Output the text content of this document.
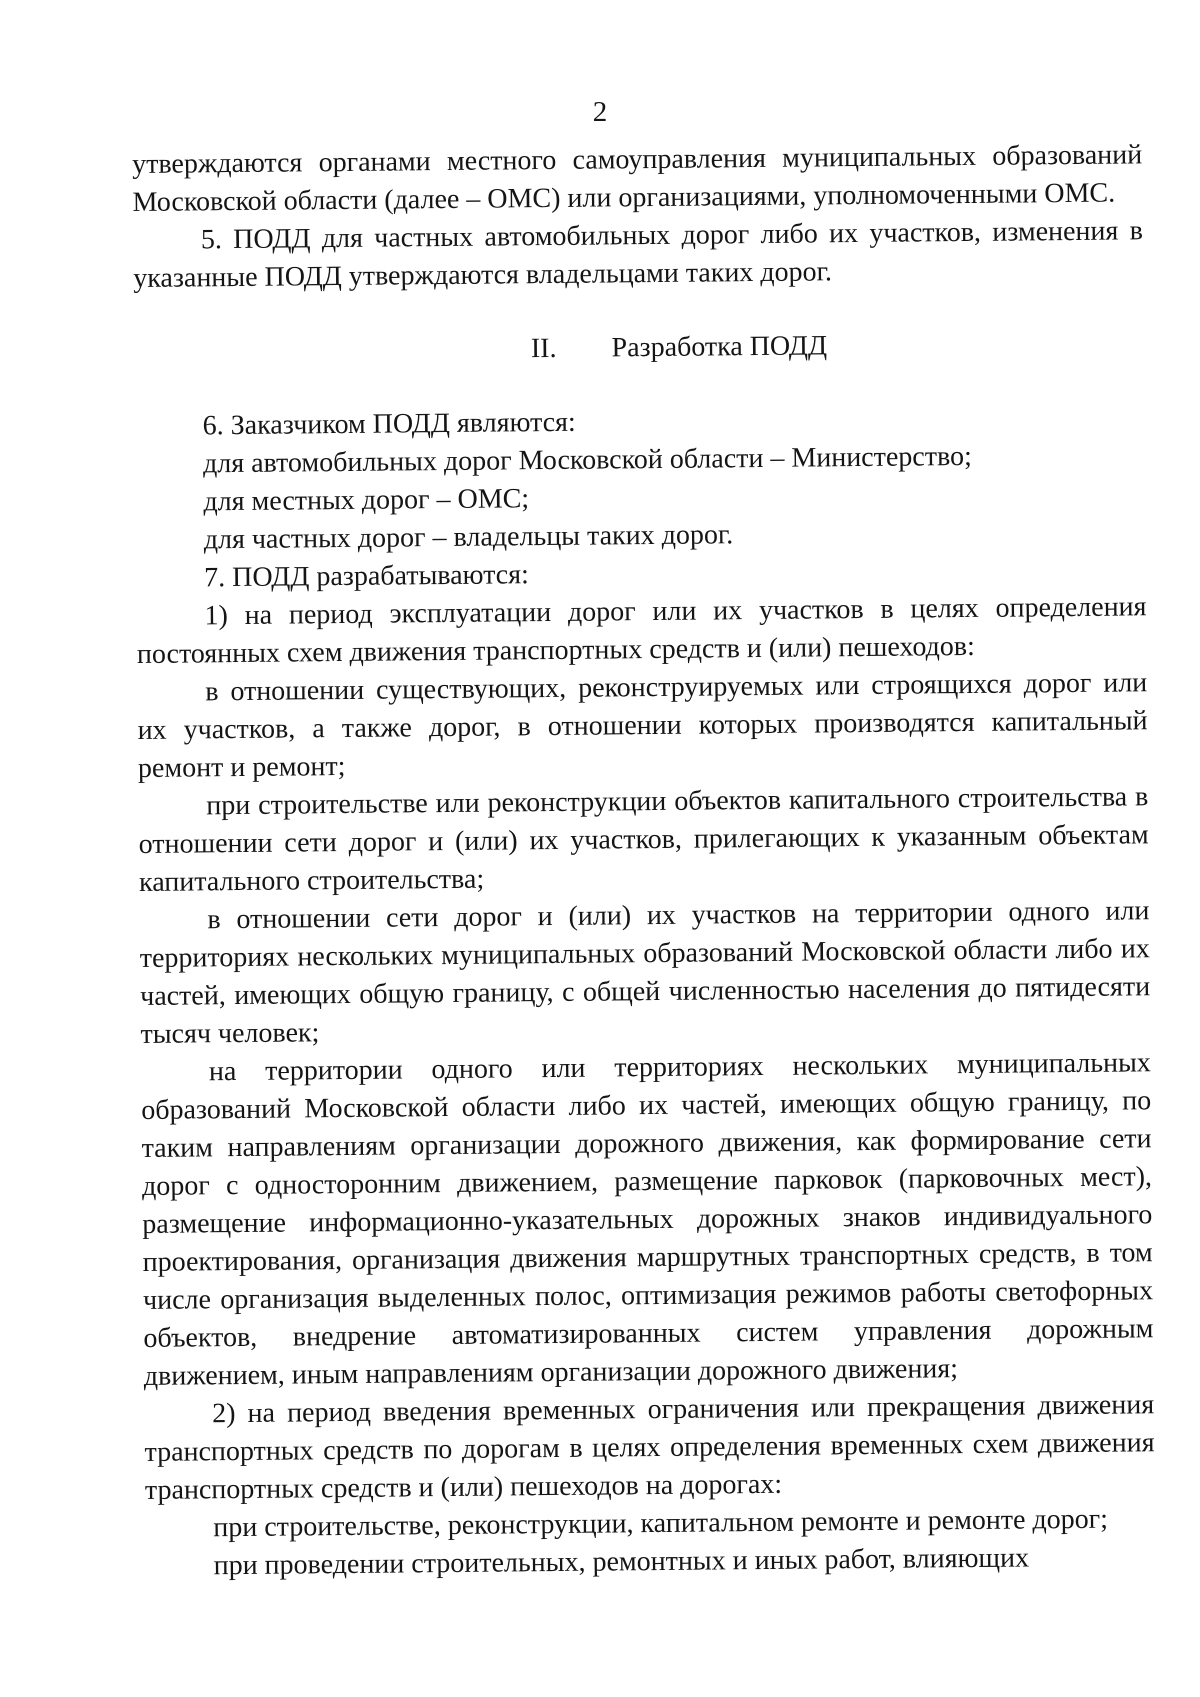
2

утверждаются органами местного самоуправления муниципальных образований Московской области (далее – ОМС) или организациями, уполномоченными ОМС.

5. ПОДД для частных автомобильных дорог либо их участков, изменения в указанные ПОДД утверждаются владельцами таких дорог.

II. Разработка ПОДД

6. Заказчиком ПОДД являются:

для автомобильных дорог Московской области – Министерство;

для местных дорог – ОМС;

для частных дорог – владельцы таких дорог.

7. ПОДД разрабатываются:

1) на период эксплуатации дорог или их участков в целях определения постоянных схем движения транспортных средств и (или) пешеходов:

в отношении существующих, реконструируемых или строящихся дорог или их участков, а также дорог, в отношении которых производятся капитальный ремонт и ремонт;

при строительстве или реконструкции объектов капитального строительства в отношении сети дорог и (или) их участков, прилегающих к указанным объектам капитального строительства;

в отношении сети дорог и (или) их участков на территории одного или территориях нескольких муниципальных образований Московской области либо их частей, имеющих общую границу, с общей численностью населения до пятидесяти тысяч человек;

на территории одного или территориях нескольких муниципальных образований Московской области либо их частей, имеющих общую границу, по таким направлениям организации дорожного движения, как формирование сети дорог с односторонним движением, размещение парковок (парковочных мест), размещение информационно-указательных дорожных знаков индивидуального проектирования, организация движения маршрутных транспортных средств, в том числе организация выделенных полос, оптимизация режимов работы светофорных объектов, внедрение автоматизированных систем управления дорожным движением, иным направлениям организации дорожного движения;

2) на период введения временных ограничения или прекращения движения транспортных средств по дорогам в целях определения временных схем движения транспортных средств и (или) пешеходов на дорогах:

при строительстве, реконструкции, капитальном ремонте и ремонте дорог;

при проведении строительных, ремонтных и иных работ, влияющих
